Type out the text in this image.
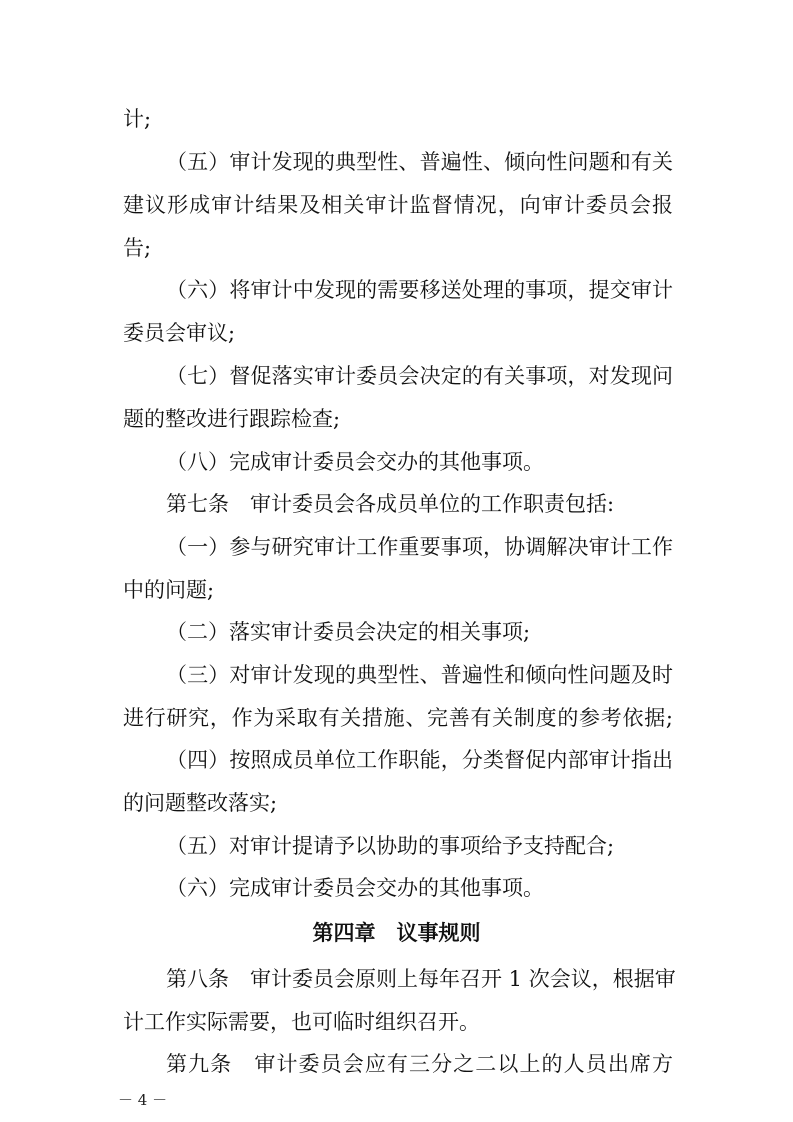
计;
（五）审计发现的典型性、普遍性、倾向性问题和有关
建议形成审计结果及相关审计监督情况，向审计委员会报
告;
（六）将审计中发现的需要移送处理的事项，提交审计
委员会审议;
（七）督促落实审计委员会决定的有关事项，对发现问
题的整改进行跟踪检查;
（八）完成审计委员会交办的其他事项。
第七条　审计委员会各成员单位的工作职责包括:
（一）参与研究审计工作重要事项，协调解决审计工作
中的问题;
（二）落实审计委员会决定的相关事项;
（三）对审计发现的典型性、普遍性和倾向性问题及时
进行研究，作为采取有关措施、完善有关制度的参考依据;
（四）按照成员单位工作职能，分类督促内部审计指出
的问题整改落实;
（五）对审计提请予以协助的事项给予支持配合;
（六）完成审计委员会交办的其他事项。
第四章　议事规则
第八条　审计委员会原则上每年召开 1 次会议，根据审
计工作实际需要，也可临时组织召开。
第九条　审计委员会应有三分之二以上的人员出席方
－ 4 －
